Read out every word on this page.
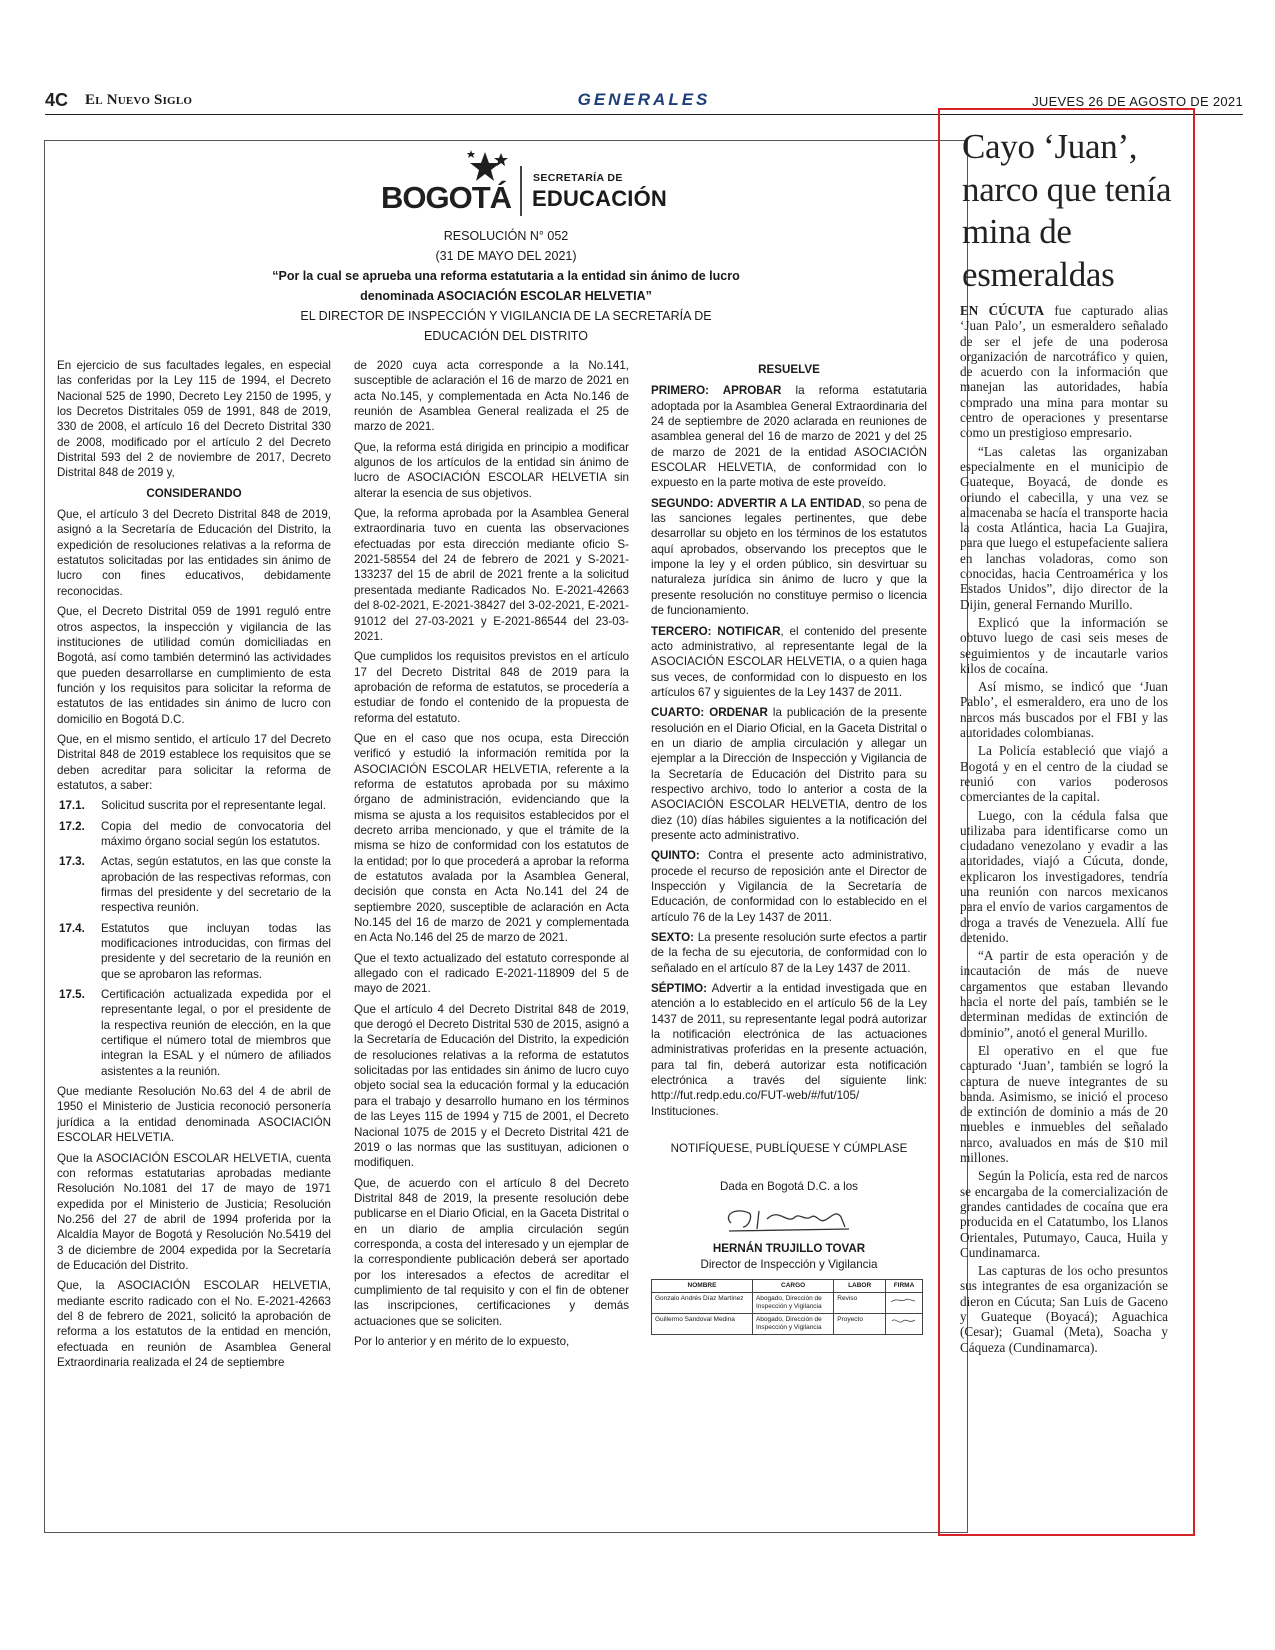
4C El Nuevo Siglo	GENERALES	JUEVES 26 DE AGOSTO DE 2021
BOGOTÁ
SECRETARÍA DE
EDUCACIÓN
RESOLUCIÓN N° 052
(31 DE MAYO DEL 2021)
“Por la cual se aprueba una reforma estatutaria a la entidad sin ánimo de lucro
denominada ASOCIACIÓN ESCOLAR HELVETIA”
EL DIRECTOR DE INSPECCIÓN Y VIGILANCIA DE LA SECRETARÍA DE
EDUCACIÓN DEL DISTRITO

En ejercicio de sus facultades legales, en especial las conferidas por la Ley 115 de 1994, el Decreto Nacional 525 de 1990, Decreto Ley 2150 de 1995, y los Decretos Distritales 059 de 1991, 848 de 2019, 330 de 2008, el artículo 16 del Decreto Distrital 330 de 2008, modificado por el artículo 2 del Decreto Distrital 593 del 2 de noviembre de 2017, Decreto Distrital 848 de 2019 y,

CONSIDERANDO

Que, el artículo 3 del Decreto Distrital 848 de 2019, asignó a la Secretaría de Educación del Distrito, la expedición de resoluciones relativas a la reforma de estatutos solicitadas por las entidades sin ánimo de lucro con fines educativos, debidamente reconocidas.

Que, el Decreto Distrital 059 de 1991 reguló entre otros aspectos, la inspección y vigilancia de las instituciones de utilidad común domiciliadas en Bogotá, así como también determinó las actividades que pueden desarrollarse en cumplimiento de esta función y los requisitos para solicitar la reforma de estatutos de las entidades sin ánimo de lucro con domicilio en Bogotá D.C.

Que, en el mismo sentido, el artículo 17 del Decreto Distrital 848 de 2019 establece los requisitos que se deben acreditar para solicitar la reforma de estatutos, a saber:

17.1.	Solicitud suscrita por el representante legal.
17.2.	Copia del medio de convocatoria del máximo órgano social según los estatutos.
17.3.	Actas, según estatutos, en las que conste la aprobación de las respectivas reformas, con firmas del presidente y del secretario de la respectiva reunión.
17.4.	Estatutos que incluyan todas las modificaciones introducidas, con firmas del presidente y del secretario de la reunión en que se aprobaron las reformas.
17.5.	Certificación actualizada expedida por el representante legal, o por el presidente de la respectiva reunión de elección, en la que certifique el número total de miembros que integran la ESAL y el número de afiliados asistentes a la reunión.

Que mediante Resolución No.63 del 4 de abril de 1950 el Ministerio de Justicia reconoció personería jurídica a la entidad denominada ASOCIACIÓN ESCOLAR HELVETIA.

Que la ASOCIACIÓN ESCOLAR HELVETIA, cuenta con reformas estatutarias aprobadas mediante Resolución No.1081 del 17 de mayo de 1971 expedida por el Ministerio de Justicia; Resolución No.256 del 27 de abril de 1994 proferida por la Alcaldía Mayor de Bogotá y Resolución No.5419 del 3 de diciembre de 2004 expedida por la Secretaría de Educación del Distrito.

Que, la ASOCIACIÓN ESCOLAR HELVETIA, mediante escrito radicado con el No. E-2021-42663 del 8 de febrero de 2021, solicitó la aprobación de reforma a los estatutos de la entidad en mención, efectuada en reunión de Asamblea General Extraordinaria realizada el 24 de septiembre

de 2020 cuya acta corresponde a la No.141, susceptible de aclaración el 16 de marzo de 2021 en acta No.145, y complementada en Acta No.146 de reunión de Asamblea General realizada el 25 de marzo de 2021.

Que, la reforma está dirigida en principio a modificar algunos de los artículos de la entidad sin ánimo de lucro de ASOCIACIÓN ESCOLAR HELVETIA sin alterar la esencia de sus objetivos.

Que, la reforma aprobada por la Asamblea General extraordinaria tuvo en cuenta las observaciones efectuadas por esta dirección mediante oficio S-2021-58554 del 24 de febrero de 2021 y S-2021-133237 del 15 de abril de 2021 frente a la solicitud presentada mediante Radicados No. E-2021-42663 del 8-02-2021, E-2021-38427 del 3-02-2021, E-2021-91012 del 27-03-2021 y E-2021-86544 del 23-03-2021.

Que cumplidos los requisitos previstos en el artículo 17 del Decreto Distrital 848 de 2019 para la aprobación de reforma de estatutos, se procedería a estudiar de fondo el contenido de la propuesta de reforma del estatuto.

Que en el caso que nos ocupa, esta Dirección verificó y estudió la información remitida por la ASOCIACIÓN ESCOLAR HELVETIA, referente a la reforma de estatutos aprobada por su máximo órgano de administración, evidenciando que la misma se ajusta a los requisitos establecidos por el decreto arriba mencionado, y que el trámite de la misma se hizo de conformidad con los estatutos de la entidad; por lo que procederá a aprobar la reforma de estatutos avalada por la Asamblea General, decisión que consta en Acta No.141 del 24 de septiembre 2020, susceptible de aclaración en Acta No.145 del 16 de marzo de 2021 y complementada en Acta No.146 del 25 de marzo de 2021.

Que el texto actualizado del estatuto corresponde al allegado con el radicado E-2021-118909 del 5 de mayo de 2021.

Que el artículo 4 del Decreto Distrital 848 de 2019, que derogó el Decreto Distrital 530 de 2015, asignó a la Secretaría de Educación del Distrito, la expedición de resoluciones relativas a la reforma de estatutos solicitadas por las entidades sin ánimo de lucro cuyo objeto social sea la educación formal y la educación para el trabajo y desarrollo humano en los términos de las Leyes 115 de 1994 y 715 de 2001, el Decreto Nacional 1075 de 2015 y el Decreto Distrital 421 de 2019 o las normas que las sustituyan, adicionen o modifiquen.

Que, de acuerdo con el artículo 8 del Decreto Distrital 848 de 2019, la presente resolución debe publicarse en el Diario Oficial, en la Gaceta Distrital o en un diario de amplia circulación según corresponda, a costa del interesado y un ejemplar de la correspondiente publicación deberá ser aportado por los interesados a efectos de acreditar el cumplimiento de tal requisito y con el fin de obtener las inscripciones, certificaciones y demás actuaciones que se soliciten.

Por lo anterior y en mérito de lo expuesto,

RESUELVE

PRIMERO: APROBAR la reforma estatutaria adoptada por la Asamblea General Extraordinaria del 24 de septiembre de 2020 aclarada en reuniones de asamblea general del 16 de marzo de 2021 y del 25 de marzo de 2021 de la entidad ASOCIACIÓN ESCOLAR HELVETIA, de conformidad con lo expuesto en la parte motiva de este proveído.

SEGUNDO: ADVERTIR A LA ENTIDAD, so pena de las sanciones legales pertinentes, que debe desarrollar su objeto en los términos de los estatutos aquí aprobados, observando los preceptos que le impone la ley y el orden público, sin desvirtuar su naturaleza jurídica sin ánimo de lucro y que la presente resolución no constituye permiso o licencia de funcionamiento.

TERCERO: NOTIFICAR, el contenido del presente acto administrativo, al representante legal de la ASOCIACIÓN ESCOLAR HELVETIA, o a quien haga sus veces, de conformidad con lo dispuesto en los artículos 67 y siguientes de la Ley 1437 de 2011.

CUARTO: ORDENAR la publicación de la presente resolución en el Diario Oficial, en la Gaceta Distrital o en un diario de amplia circulación y allegar un ejemplar a la Dirección de Inspección y Vigilancia de la Secretaría de Educación del Distrito para su respectivo archivo, todo lo anterior a costa de la ASOCIACIÓN ESCOLAR HELVETIA, dentro de los diez (10) días hábiles siguientes a la notificación del presente acto administrativo.

QUINTO: Contra el presente acto administrativo, procede el recurso de reposición ante el Director de Inspección y Vigilancia de la Secretaría de Educación, de conformidad con lo establecido en el artículo 76 de la Ley 1437 de 2011.

SEXTO: La presente resolución surte efectos a partir de la fecha de su ejecutoria, de conformidad con lo señalado en el artículo 87 de la Ley 1437 de 2011.

SÉPTIMO: Advertir a la entidad investigada que en atención a lo establecido en el artículo 56 de la Ley 1437 de 2011, su representante legal podrá autorizar la notificación electrónica de las actuaciones administrativas proferidas en la presente actuación, para tal fin, deberá autorizar esta notificación electrónica a través del siguiente link: http://fut.redp.edu.co/FUT-web/#/fut/105/ Instituciones.

NOTIFÍQUESE, PUBLÍQUESE Y CÚMPLASE

Dada en Bogotá D.C. a los

HERNÁN TRUJILLO TOVAR

Director de Inspección y Vigilancia

NOMBRE	CARGO	LABOR	FIRMA
Gonzalo Andrés Díaz Martínez	Abogado, Dirección de Inspección y Vigilancia	Reviso	
Guillermo Sandoval Medina	Abogado, Dirección de Inspección y Vigilancia	Proyecto	
Cayo ‘Juan’, narco que tenía mina de esmeraldas

EN CÚCUTA fue capturado alias ‘Juan Palo’, un esmeraldero señalado de ser el jefe de una poderosa organización de narcotráfico y quien, de acuerdo con la información que manejan las autoridades, había comprado una mina para montar su centro de operaciones y presentarse como un prestigioso empresario.

“Las caletas las organizaban especialmente en el municipio de Guateque, Boyacá, de donde es oriundo el cabecilla, y una vez se almacenaba se hacía el transporte hacia la costa Atlántica, hacia La Guajira, para que luego el estupefaciente saliera en lanchas voladoras, como son conocidas, hacia Centroamérica y los Estados Unidos”, dijo director de la Dijin, general Fernando Murillo.

Explicó que la información se obtuvo luego de casi seis meses de seguimientos y de incautarle varios kilos de cocaína.

Así mismo, se indicó que ‘Juan Pablo’, el esmeraldero, era uno de los narcos más buscados por el FBI y las autoridades colombianas.

La Policía estableció que viajó a Bogotá y en el centro de la ciudad se reunió con varios poderosos comerciantes de la capital.

Luego, con la cédula falsa que utilizaba para identificarse como un ciudadano venezolano y evadir a las autoridades, viajó a Cúcuta, donde, explicaron los investigadores, tendría una reunión con narcos mexicanos para el envío de varios cargamentos de droga a través de Venezuela. Allí fue detenido.

“A partir de esta operación y de incautación de más de nueve cargamentos que estaban llevando hacia el norte del país, también se le determinan medidas de extinción de dominio”, anotó el general Murillo.

El operativo en el que fue capturado ‘Juan’, también se logró la captura de nueve integrantes de su banda. Asimismo, se inició el proceso de extinción de dominio a más de 20 muebles e inmuebles del señalado narco, avaluados en más de $10 mil millones.

Según la Policía, esta red de narcos se encargaba de la comercialización de grandes cantidades de cocaína que era producida en el Catatumbo, los Llanos Orientales, Putumayo, Cauca, Huila y Cundinamarca.

Las capturas de los ocho presuntos sus integrantes de esa organización se dieron en Cúcuta; San Luis de Gaceno y Guateque (Boyacá); Aguachica (Cesar); Guamal (Meta), Soacha y Cáqueza (Cundinamarca).
